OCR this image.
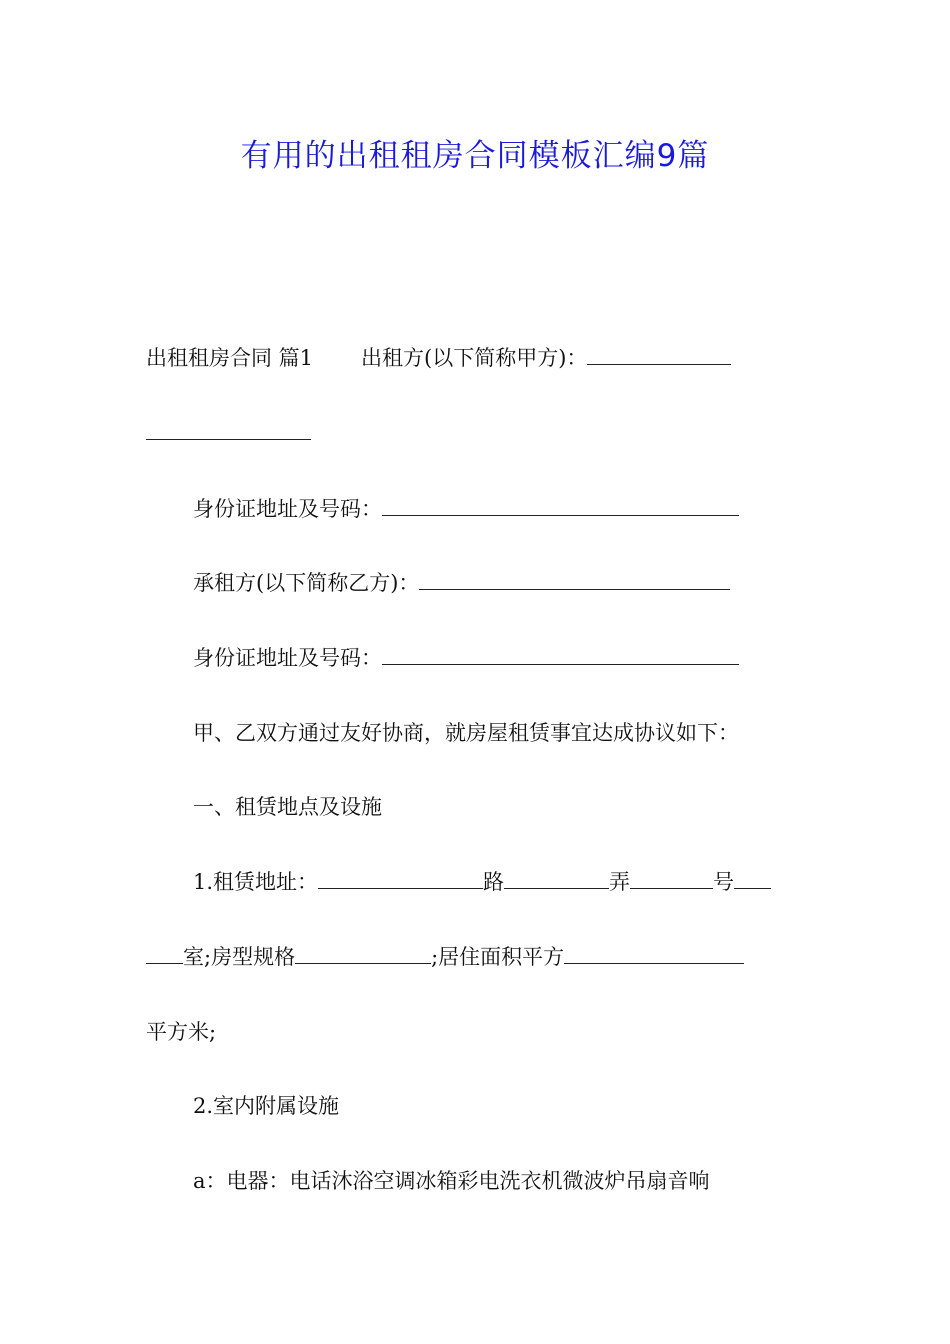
有用的出租租房合同模板汇编9篇
出租租房合同 篇1 出租方(以下简称甲方)：
身份证地址及号码：
承租方(以下简称乙方)：
身份证地址及号码：
甲、乙双方通过友好协商，就房屋租赁事宜达成协议如下：
一、租赁地点及设施
1.租赁地址：	路	弄	号
室;房型规格	;居住面积平方
平方米;
2.室内附属设施
a：电器：电话沐浴空调冰箱彩电洗衣机微波炉吊扇音响
